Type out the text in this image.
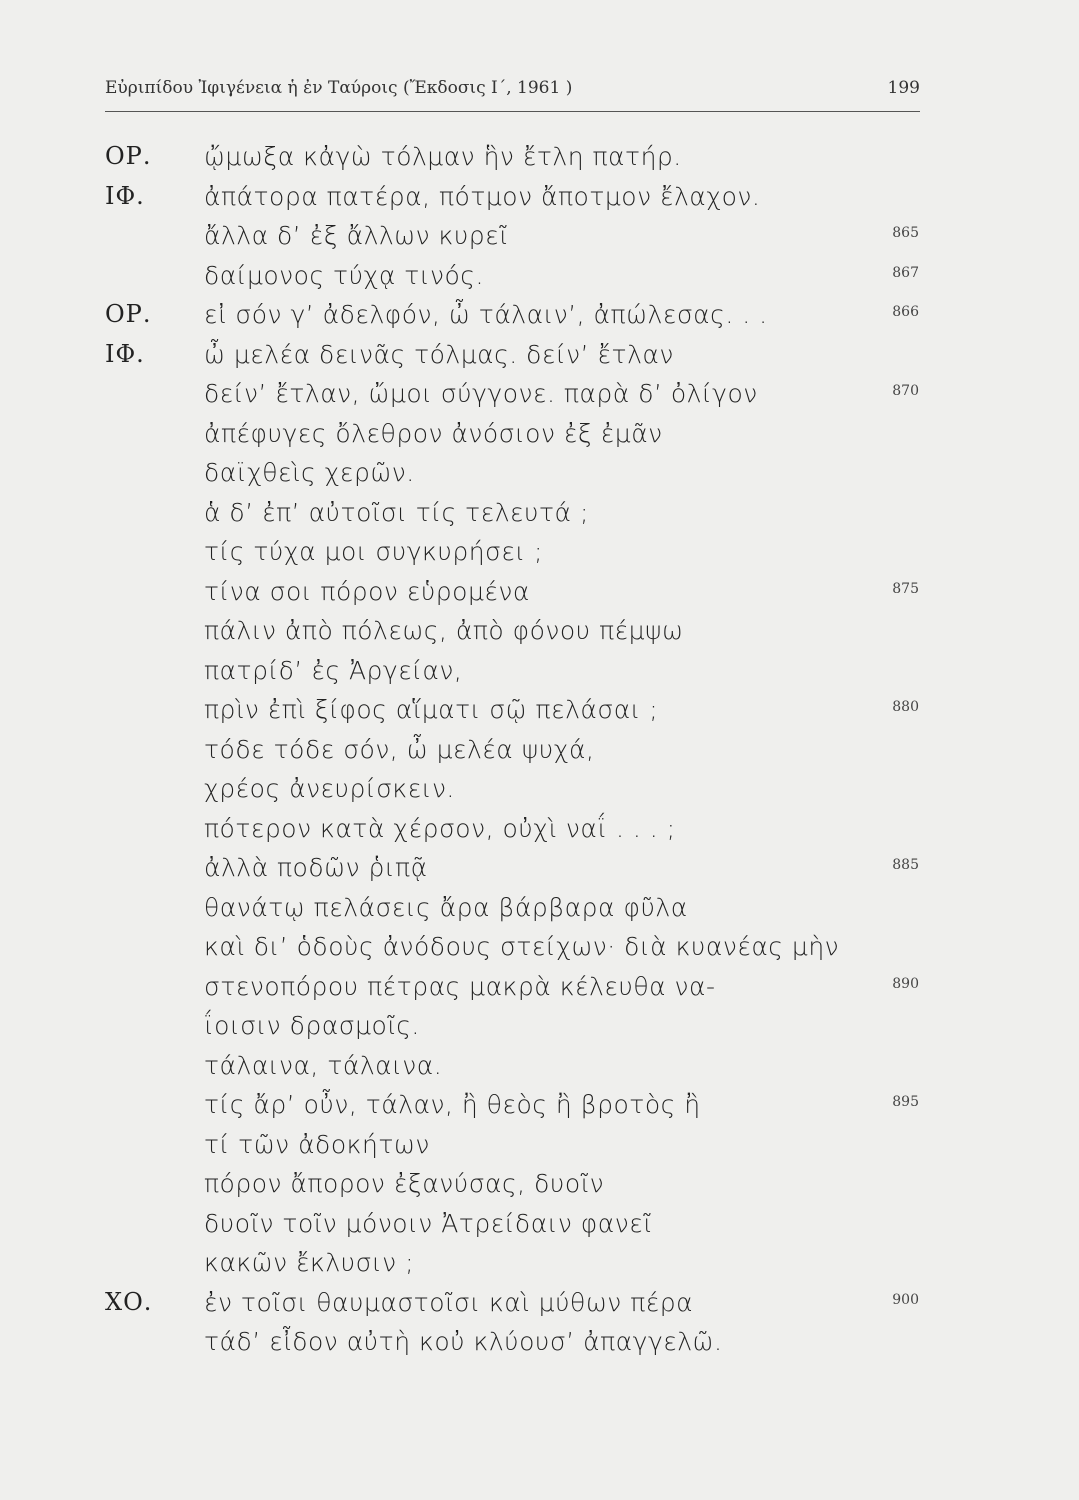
Εὐριπίδου Ἰφιγένεια ἡ ἐν Ταύροις (Ἔκδοσις Ι΄, 1961 )	199
ΟΡ. ᾤμωξα κἀγὼ τόλμαν ἣν ἔτλη πατήρ.
ΙΦ. ἀπάτορα πατέρα, πότμον ἄποτμον ἔλαχον.
ἄλλα δ’ ἐξ ἄλλων κυρεῖ	865
δαίμονος τύχᾳ τινός.	867
ΟΡ. εἰ σόν γ’ ἀδελφόν, ὦ τάλαιν’, ἀπώλεσας. . .	866
ΙΦ. ὦ μελέα δεινᾶς τόλμας. δείν’ ἔτλαν
δείν’ ἔτλαν, ὤμοι σύγγονε. παρὰ δ’ ὀλίγον	870
ἀπέφυγες ὄλεθρον ἀνόσιον ἐξ ἐμᾶν
δαϊχθεὶς χερῶν.
ἁ δ’ ἐπ’ αὐτοῖσι τίς τελευτά ;
τίς τύχα μοι συγκυρήσει ;
τίνα σοι πόρον εὑρομένα	875
πάλιν ἀπὸ πόλεως, ἀπὸ φόνου πέμψω
πατρίδ’ ἐς Ἀργείαν,
πρὶν ἐπὶ ξίφος αἵματι σῷ πελάσαι ;	880
τόδε τόδε σόν, ὦ μελέα ψυχά,
χρέος ἀνευρίσκειν.
πότερον κατὰ χέρσον, οὐχὶ ναΐ . . . ;
ἀλλὰ ποδῶν ῥιπᾷ	885
θανάτῳ πελάσεις ἄρα βάρβαρα φῦλα
καὶ δι’ ὁδοὺς ἀνόδους στείχων· διὰ κυανέας μὴν
στενοπόρου πέτρας μακρὰ κέλευθα να-	890
ΐοισιν δρασμοῖς.
τάλαινα, τάλαινα.
τίς ἄρ’ οὖν, τάλαν, ἢ θεὸς ἢ βροτὸς ἢ	895
τί τῶν ἀδοκήτων
πόρον ἄπορον ἐξανύσας, δυοῖν
δυοῖν τοῖν μόνοιν Ἀτρείδαιν φανεῖ
κακῶν ἔκλυσιν ;
ΧΟ. ἐν τοῖσι θαυμαστοῖσι καὶ μύθων πέρα	900
τάδ’ εἶδον αὐτὴ κοὐ κλύουσ’ ἀπαγγελῶ.
